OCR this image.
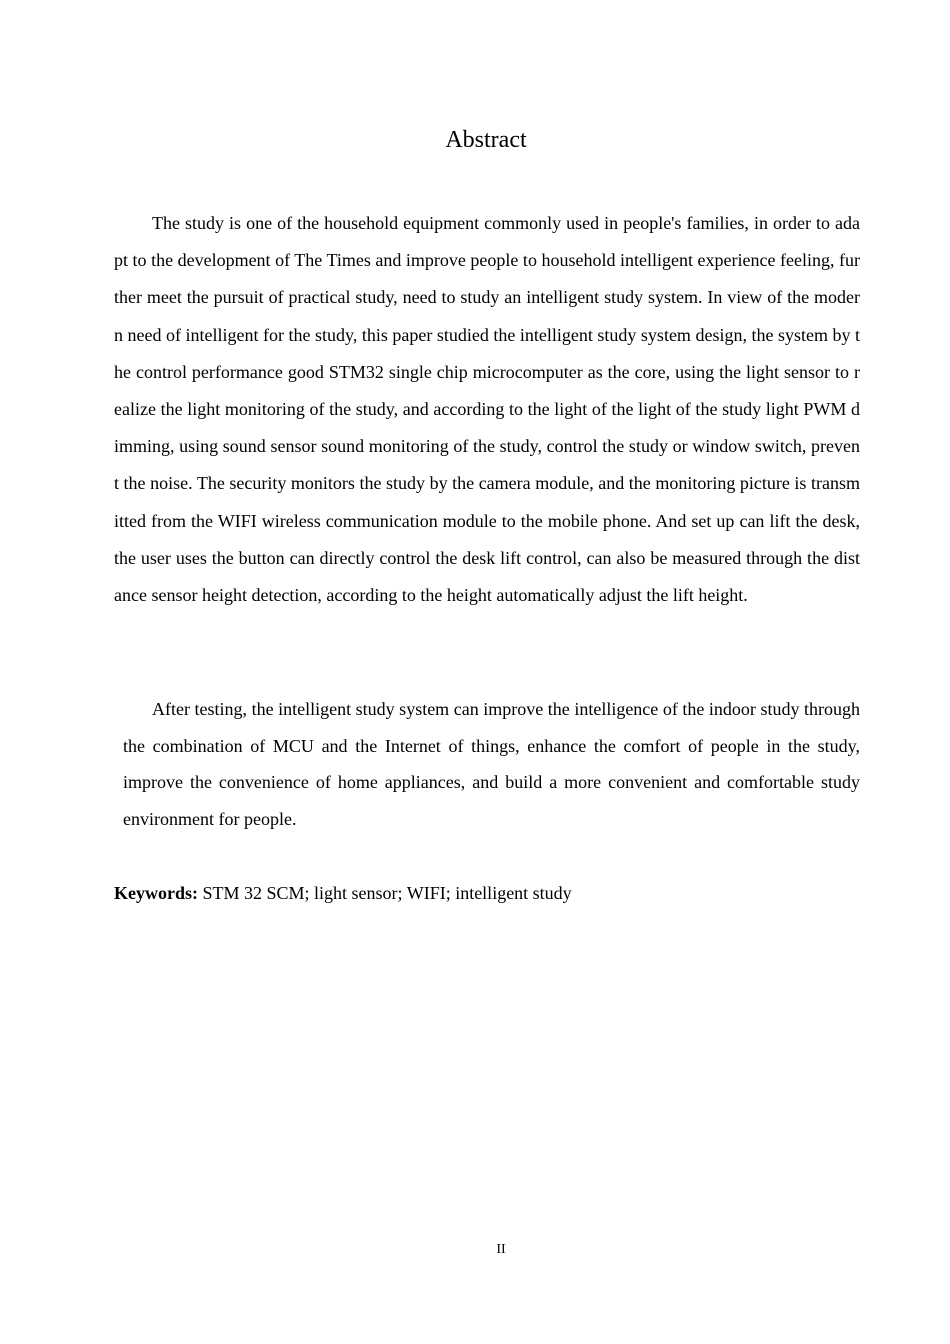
Abstract

The study is one of the household equipment commonly used in people's families, in order to adapt to the development of The Times and improve people to household intelligent experience feeling, further meet the pursuit of practical study, need to study an intelligent study system. In view of the modern need of intelligent for the study, this paper studied the intelligent study system design, the system by the control performance good STM32 single chip microcomputer as the core, using the light sensor to realize the light monitoring of the study, and according to the light of the light of the study light PWM dimming, using sound sensor sound monitoring of the study, control the study or window switch, prevent the noise. The security monitors the study by the camera module, and the monitoring picture is transmitted from the WIFI wireless communication module to the mobile phone. And set up can lift the desk, the user uses the button can directly control the desk lift control, can also be measured through the distance sensor height detection, according to the height automatically adjust the lift height.

After testing, the intelligent study system can improve the intelligence of the indoor study through the combination of MCU and the Internet of things, enhance the comfort of people in the study, improve the convenience of home appliances, and build a more convenient and comfortable study environment for people.

Keywords: STM 32 SCM; light sensor; WIFI; intelligent study

II
